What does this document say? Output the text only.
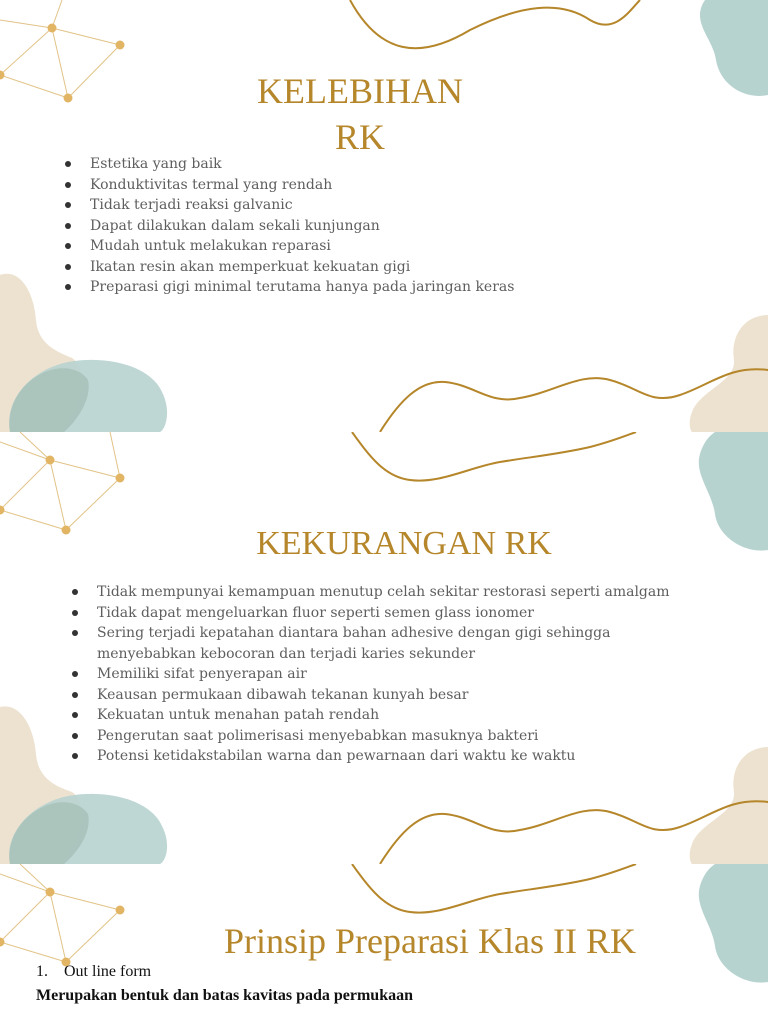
KELEBIHAN
RK
Estetika yang baik
Konduktivitas termal yang rendah
Tidak terjadi reaksi galvanic
Dapat dilakukan dalam sekali kunjungan
Mudah untuk melakukan reparasi
Ikatan resin akan memperkuat kekuatan gigi
Preparasi gigi minimal terutama hanya pada jaringan keras
KEKURANGAN RK
Tidak mempunyai kemampuan menutup celah sekitar restorasi seperti amalgam
Tidak dapat mengeluarkan fluor seperti semen glass ionomer
Sering terjadi kepatahan diantara bahan adhesive dengan gigi sehingga menyebabkan kebocoran dan terjadi karies sekunder
Memiliki sifat penyerapan air
Keausan permukaan dibawah tekanan kunyah besar
Kekuatan untuk menahan patah rendah
Pengerutan saat polimerisasi menyebabkan masuknya bakteri
Potensi ketidakstabilan warna dan pewarnaan dari waktu ke waktu
Prinsip Preparasi Klas II RK
1. Out line form
Merupakan bentuk dan batas kavitas pada permukaan
